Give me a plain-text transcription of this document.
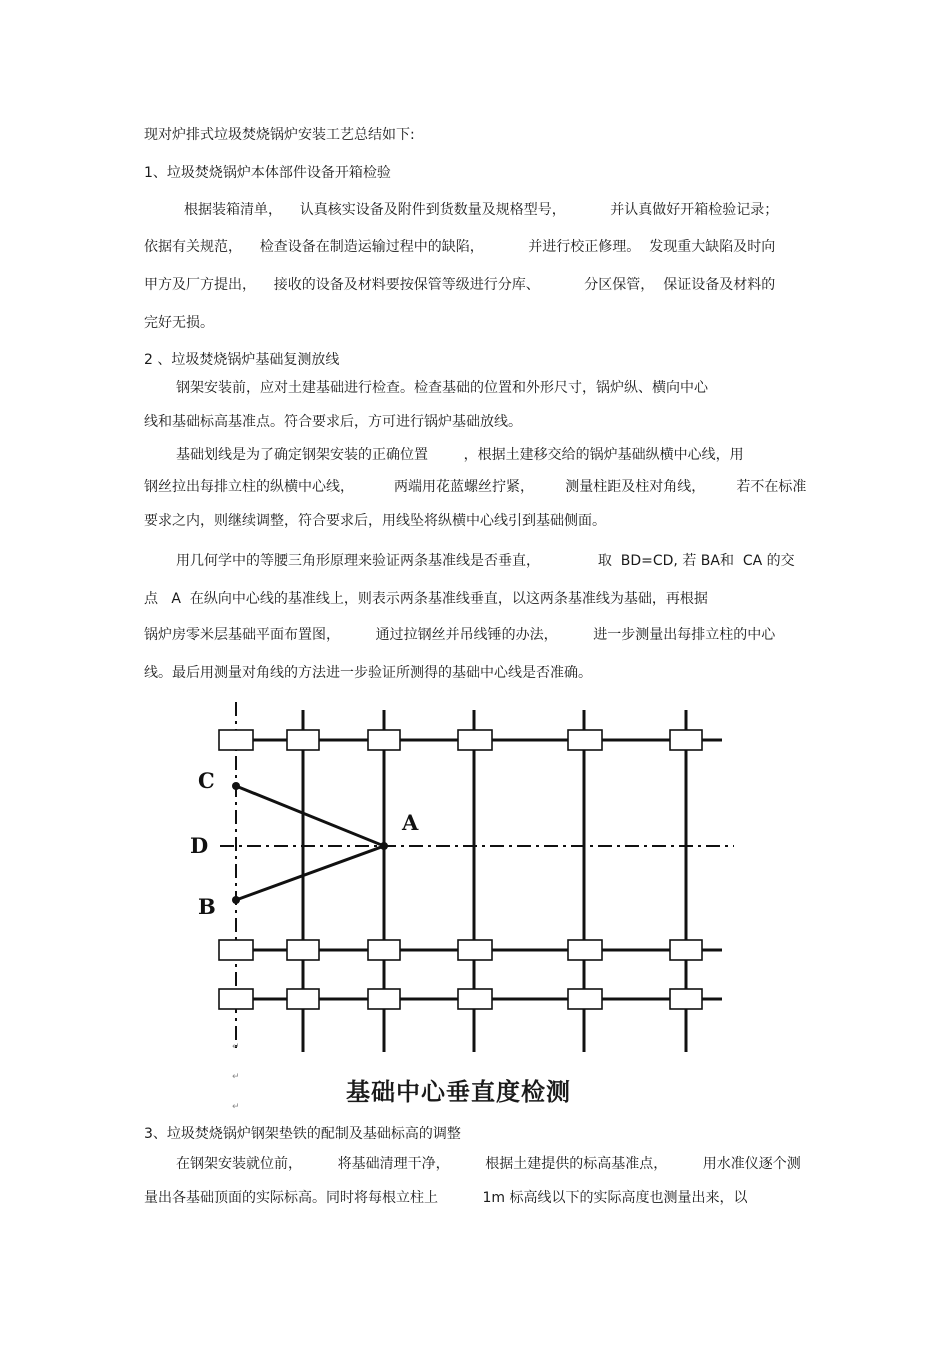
现对炉排式垃圾焚烧锅炉安装工艺总结如下:
1、垃圾焚烧锅炉本体部件设备开箱检验
根据装箱清单，    认真核实设备及附件到货数量及规格型号，          并认真做好开箱检验记录；
依据有关规范，    检查设备在制造运输过程中的缺陷，          并进行校正修理。  发现重大缺陷及时向
甲方及厂方提出，    接收的设备及材料要按保管等级进行分库、          分区保管，  保证设备及材料的
完好无损。
2 、垃圾焚烧锅炉基础复测放线
钢架安装前，应对土建基础进行检查。检查基础的位置和外形尺寸，锅炉纵、横向中心
线和基础标高基准点。符合要求后，方可进行锅炉基础放线。
基础划线是为了确定钢架安装的正确位置        ，根据土建移交给的锅炉基础纵横中心线，用
钢丝拉出每排立柱的纵横中心线，         两端用花蓝螺丝拧紧，       测量柱距及柱对角线，       若不在标准
要求之内，则继续调整，符合要求后，用线坠将纵横中心线引到基础侧面。
用几何学中的等腰三角形原理来验证两条基准线是否垂直，             取  BD=CD, 若 BA和  CA 的交
点   A  在纵向中心线的基准线上，则表示两条基准线垂直，以这两条基准线为基础，再根据
锅炉房零米层基础平面布置图，        通过拉钢丝并吊线锤的办法，        进一步测量出每排立柱的中心
线。最后用测量对角线的方法进一步验证所测得的基础中心线是否准确。
C
D
B
A
基础中心垂直度检测
↵
↵
↵
3、垃圾焚烧锅炉钢架垫铁的配制及基础标高的调整
在钢架安装就位前，        将基础清理干净，        根据土建提供的标高基准点，        用水准仪逐个测
量出各基础顶面的实际标高。同时将每根立柱上          1m 标高线以下的实际高度也测量出来，以
